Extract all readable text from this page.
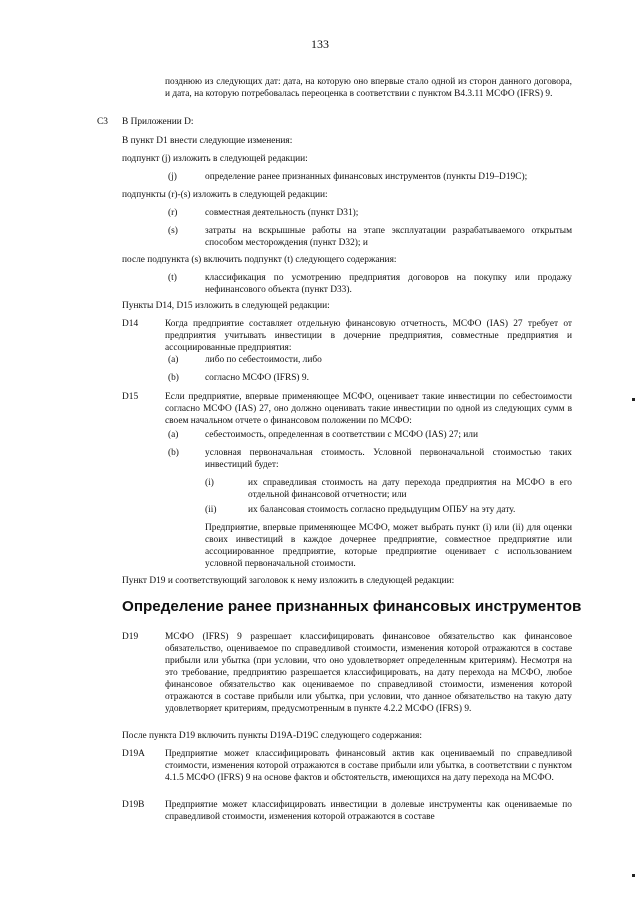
133
позднюю из следующих дат: дата, на которую оно впервые стало одной из сторон данного договора, и дата, на которую потребовалась переоценка в соответствии с пунктом B4.3.11 МСФО (IFRS) 9.
C3 В Приложении D:
В пункт D1 внести следующие изменения:
подпункт (j) изложить в следующей редакции:
(j)	определение ранее признанных финансовых инструментов (пункты D19–D19C);
подпункты (r)-(s) изложить в следующей редакции:
(r)	совместная деятельность (пункт D31);
(s)	затраты на вскрышные работы на этапе эксплуатации разрабатываемого открытым способом месторождения (пункт D32); и
после подпункта (s) включить подпункт (t) следующего содержания:
(t)	классификация по усмотрению предприятия договоров на покупку или продажу нефинансового объекта (пункт D33).
Пункты D14, D15 изложить в следующей редакции:
D14	Когда предприятие составляет отдельную финансовую отчетность, МСФО (IAS) 27 требует от предприятия учитывать инвестиции в дочерние предприятия, совместные предприятия и ассоциированные предприятия:
(a)	либо по себестоимости, либо
(b)	согласно МСФО (IFRS) 9.
D15	Если предприятие, впервые применяющее МСФО, оценивает такие инвестиции по себестоимости согласно МСФО (IAS) 27, оно должно оценивать такие инвестиции по одной из следующих сумм в своем начальном отчете о финансовом положении по МСФО:
(a)	себестоимость, определенная в соответствии с МСФО (IAS) 27; или
(b)	условная первоначальная стоимость. Условной первоначальной стоимостью таких инвестиций будет:
(i)	их справедливая стоимость на дату перехода предприятия на МСФО в его отдельной финансовой отчетности; или
(ii)	их балансовая стоимость согласно предыдущим ОПБУ на эту дату.
Предприятие, впервые применяющее МСФО, может выбрать пункт (i) или (ii) для оценки своих инвестиций в каждое дочернее предприятие, совместное предприятие или ассоциированное предприятие, которые предприятие оценивает с использованием условной первоначальной стоимости.
Пункт D19 и соответствующий заголовок к нему изложить в следующей редакции:
Определение ранее признанных финансовых инструментов
D19	МСФО (IFRS) 9 разрешает классифицировать финансовое обязательство как финансовое обязательство, оцениваемое по справедливой стоимости, изменения которой отражаются в составе прибыли или убытка (при условии, что оно удовлетворяет определенным критериям). Несмотря на это требование, предприятию разрешается классифицировать, на дату перехода на МСФО, любое финансовое обязательство как оцениваемое по справедливой стоимости, изменения которой отражаются в составе прибыли или убытка, при условии, что данное обязательство на такую дату удовлетворяет критериям, предусмотренным в пункте 4.2.2 МСФО (IFRS) 9.
После пункта D19 включить пункты D19A-D19C следующего содержания:
D19A Предприятие может классифицировать финансовый актив как оцениваемый по справедливой стоимости, изменения которой отражаются в составе прибыли или убытка, в соответствии с пунктом 4.1.5 МСФО (IFRS) 9 на основе фактов и обстоятельств, имеющихся на дату перехода на МСФО.
D19B Предприятие может классифицировать инвестиции в долевые инструменты как оцениваемые по справедливой стоимости, изменения которой отражаются в составе
